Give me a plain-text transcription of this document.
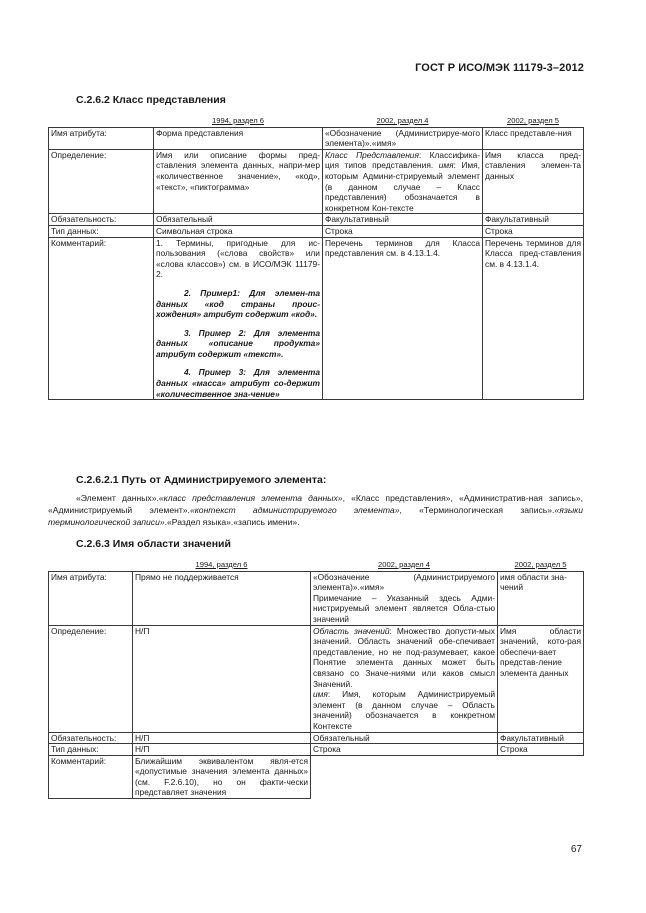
ГОСТ Р ИСО/МЭК 11179-3–2012
С.2.6.2 Класс представления
	1994, раздел 6	2002, раздел 4	2002, раздел 5
Имя атрибута:	Форма представления	«Обозначение (Администрируе-мого элемента)».«имя»	Класс представле-ния
Определение:	Имя или описание формы пред-ставления элемента данных, напри-мер «количественное значение», «код», «текст», «пиктограмма»	Класс Представления: Классифика-ция типов представления. имя: Имя, которым Админи-стрируемый элемент (в данном случае – Класс представления) обозначается в конкретном Кон-тексте	Имя класса пред-ставления элемен-та данных
Обязательность:	Обязательный	Факультативный	Факультативный
Тип данных:	Символьная строка	Строка	Строка
Комментарий:	1. Термины, пригодные для ис-пользования («слова свойств» или «слова классов») см. в ИСО/МЭК 11179-2.
2. Пример1: Для элемен-та данных «код страны проис-хождения» атрибут содержит «код».
3. Пример 2: Для элемента данных «описание продукта» атрибут содержит «текст».
4. Пример 3: Для элемента данных «масса» атрибут со-держит «количественное зна-чение»	Перечень терминов для Класса представления см. в 4.13.1.4.	Перечень терминов для Класса пред-ставления см. в 4.13.1.4.
С.2.6.2.1 Путь от Администрируемого элемента:
«Элемент данных».«класс представления элемента данных», «Класс представления», «Административ-ная запись», «Администрируемый элемент».«контекст администрируемого элемента», «Терминологическая запись».«языки терминологической записи».«Раздел языка».«запись имени».
С.2.6.3 Имя области значений
	1994, раздел 6	2002, раздел 4	2002, раздел 5
Имя атрибута:	Прямо не поддерживается	«Обозначение (Администрируемого элемента)».«имя»
Примечание – Указанный здесь Адми-нистрируемый элемент является Обла-стью значений	имя области зна-чений
Определение:	Н/П	Область значений: Множество допусти-мых значений. Область значений обе-спечивает представление, но не под-разумевает, какое Понятие элемента данных может быть связано со Значе-ниями или каков смысл Значений.
имя: Имя, которым Администрируемый элемент (в данном случае – Область значений) обозначается в конкретном Контексте	Имя области значений, кото-рая обеспечи-вает представ-ление элемента данных
Обязательность:	Н/П	Обязательный	Факультативный
Тип данных:	Н/П	Строка	Строка
Комментарий:	Ближайшим эквивалентом явля-ется «допустимые значения элемента данных» (см. F.2.6.10), но он факти-чески представляет значения		
67
